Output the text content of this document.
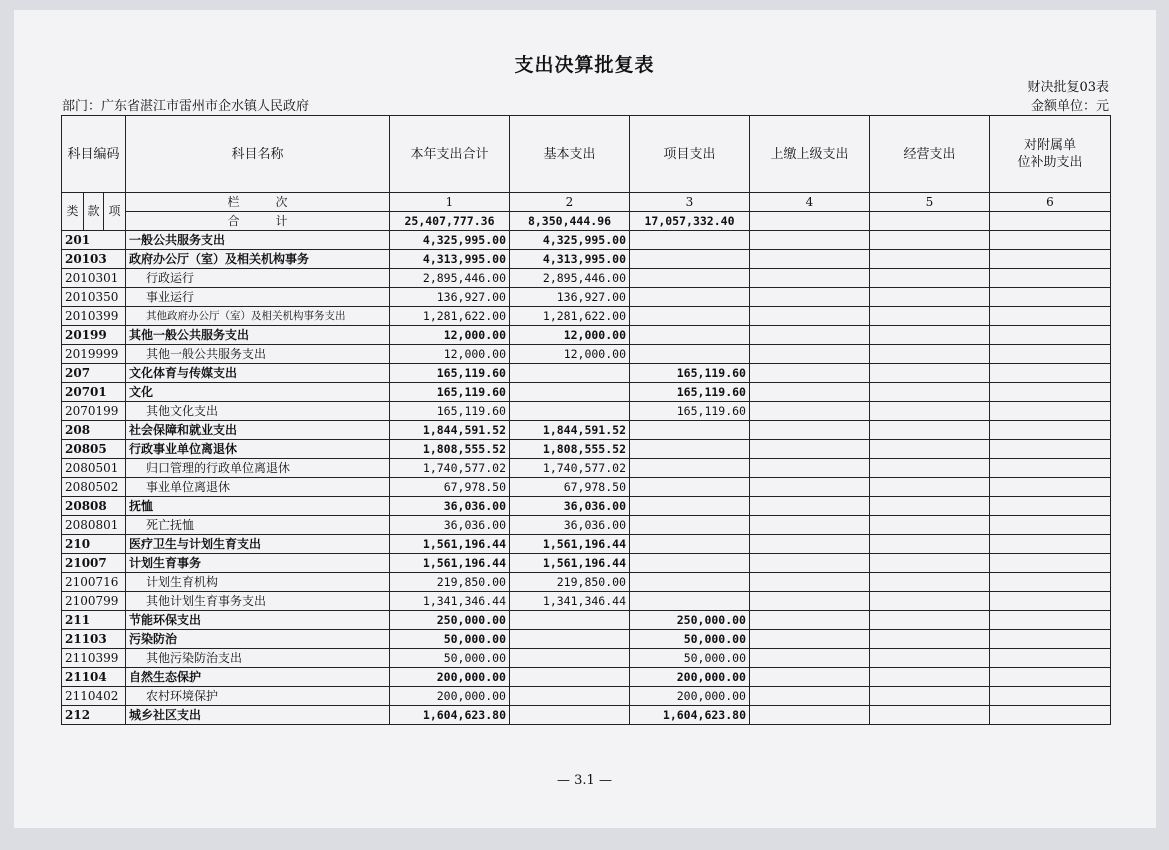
支出决算批复表
财决批复03表
部门：广东省湛江市雷州市企水镇人民政府	金额单位：元
科目编码			科目名称	本年支出合计	基本支出	项目支出	上缴上级支出	经营支出	对附属单
位补助支出

类	款	项	栏　　　次	1	2	3	4	5	6
			合　　　计	25,407,777.36	8,350,444.96	17,057,332.40			
201			一般公共服务支出	4,325,995.00	4,325,995.00				
20103			政府办公厅（室）及相关机构事务	4,313,995.00	4,313,995.00				
2010301			行政运行	2,895,446.00	2,895,446.00				
2010350			事业运行	136,927.00	136,927.00				
2010399			其他政府办公厅（室）及相关机构事务支出	1,281,622.00	1,281,622.00				
20199			其他一般公共服务支出	12,000.00	12,000.00				
2019999			其他一般公共服务支出	12,000.00	12,000.00				
207			文化体育与传媒支出	165,119.60		165,119.60			
20701			文化	165,119.60		165,119.60			
2070199			其他文化支出	165,119.60		165,119.60			
208			社会保障和就业支出	1,844,591.52	1,844,591.52				
20805			行政事业单位离退休	1,808,555.52	1,808,555.52				
2080501			归口管理的行政单位离退休	1,740,577.02	1,740,577.02				
2080502			事业单位离退休	67,978.50	67,978.50				
20808			抚恤	36,036.00	36,036.00				
2080801			死亡抚恤	36,036.00	36,036.00				
210			医疗卫生与计划生育支出	1,561,196.44	1,561,196.44				
21007			计划生育事务	1,561,196.44	1,561,196.44				
2100716			计划生育机构	219,850.00	219,850.00				
2100799			其他计划生育事务支出	1,341,346.44	1,341,346.44				
211			节能环保支出	250,000.00		250,000.00			
21103			污染防治	50,000.00		50,000.00			
2110399			其他污染防治支出	50,000.00		50,000.00			
21104			自然生态保护	200,000.00		200,000.00			
2110402			农村环境保护	200,000.00		200,000.00			
212			城乡社区支出	1,604,623.80		1,604,623.80			
— 3.1 —
